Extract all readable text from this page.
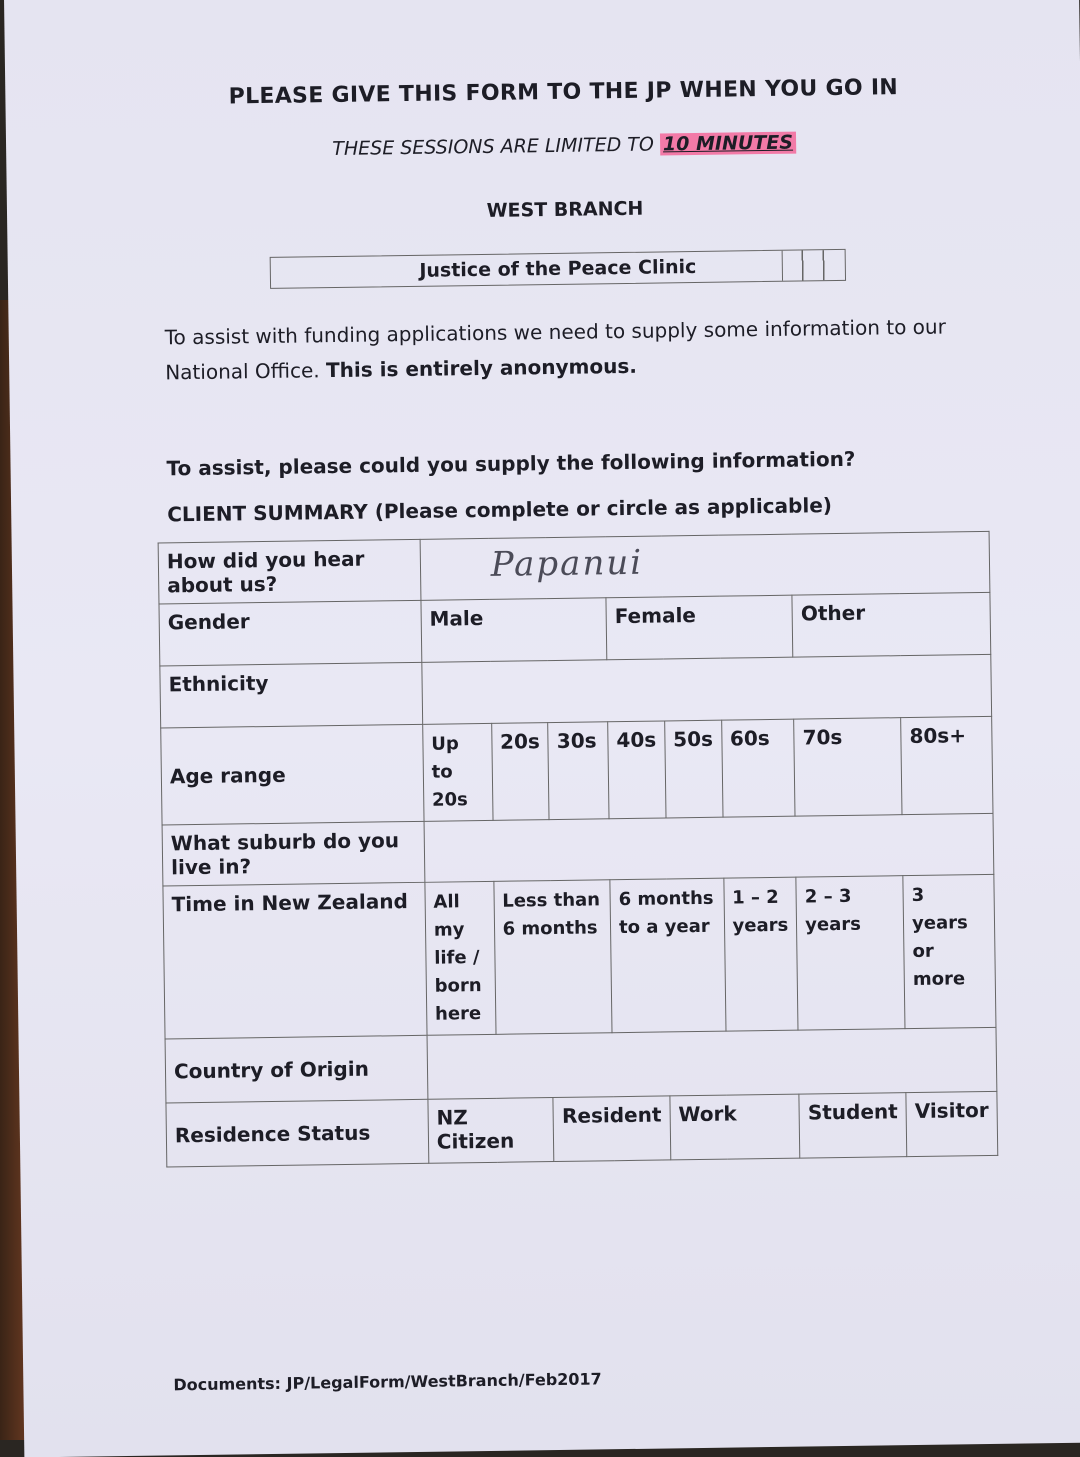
PLEASE GIVE THIS FORM TO THE JP WHEN YOU GO IN
THESE SESSIONS ARE LIMITED TO 10 MINUTES
WEST BRANCH
Justice of the Peace Clinic
To assist with funding applications we need to supply some information to our National Office. This is entirely anonymous.
To assist, please could you supply the following information?
CLIENT SUMMARY (Please complete or circle as applicable)
How did you hear about us?	Papanui							
Gender	Male			Female			Other	
Ethnicity								
Age range	Up to 20s	20s	30s	40s	50s	60s	70s	80s+
What suburb do you live in?								
Time in New Zealand	All my life / born here	Less than 6 months		6 months to a year		1 – 2 years	2 – 3 years	3 years or more
Country of Origin								
Residence Status	NZ Citizen		Resident		Work		Student	Visitor
Documents: JP/LegalForm/WestBranch/Feb2017
